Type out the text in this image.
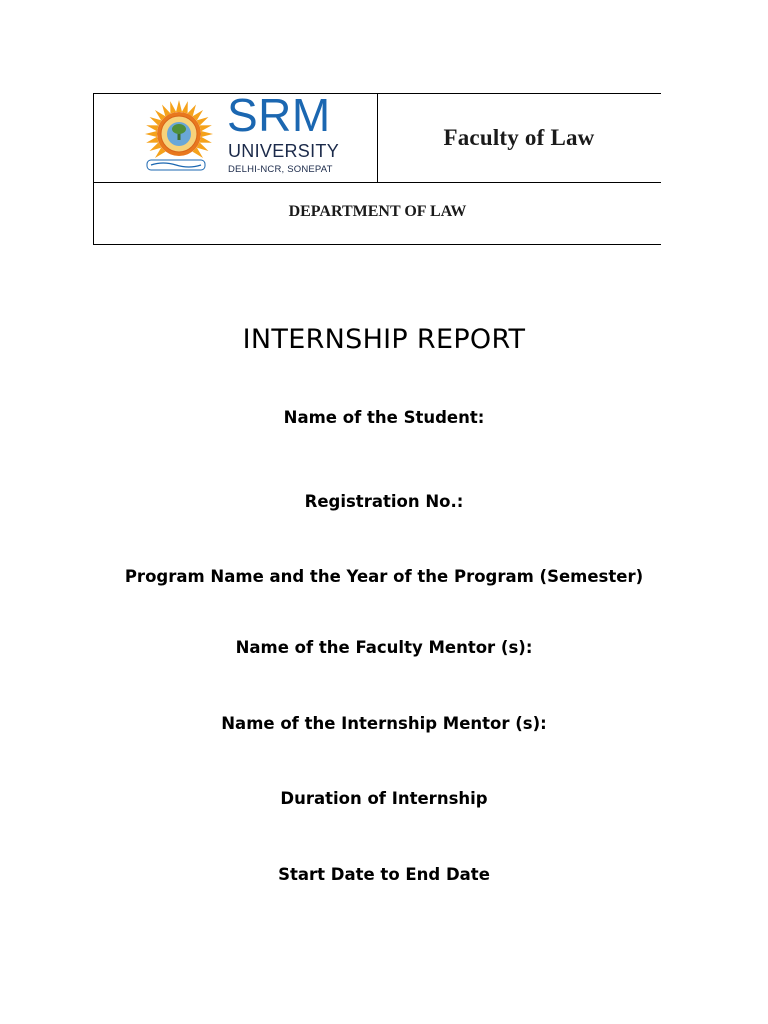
SRM
UNIVERSITY
DELHI-NCR, SONEPAT
Faculty of Law
DEPARTMENT OF LAW
INTERNSHIP REPORT
Name of the Student:
Registration No.:
Program Name and the Year of the Program (Semester)
Name of the Faculty Mentor (s):
Name of the Internship Mentor (s):
Duration of Internship
Start Date to End Date
